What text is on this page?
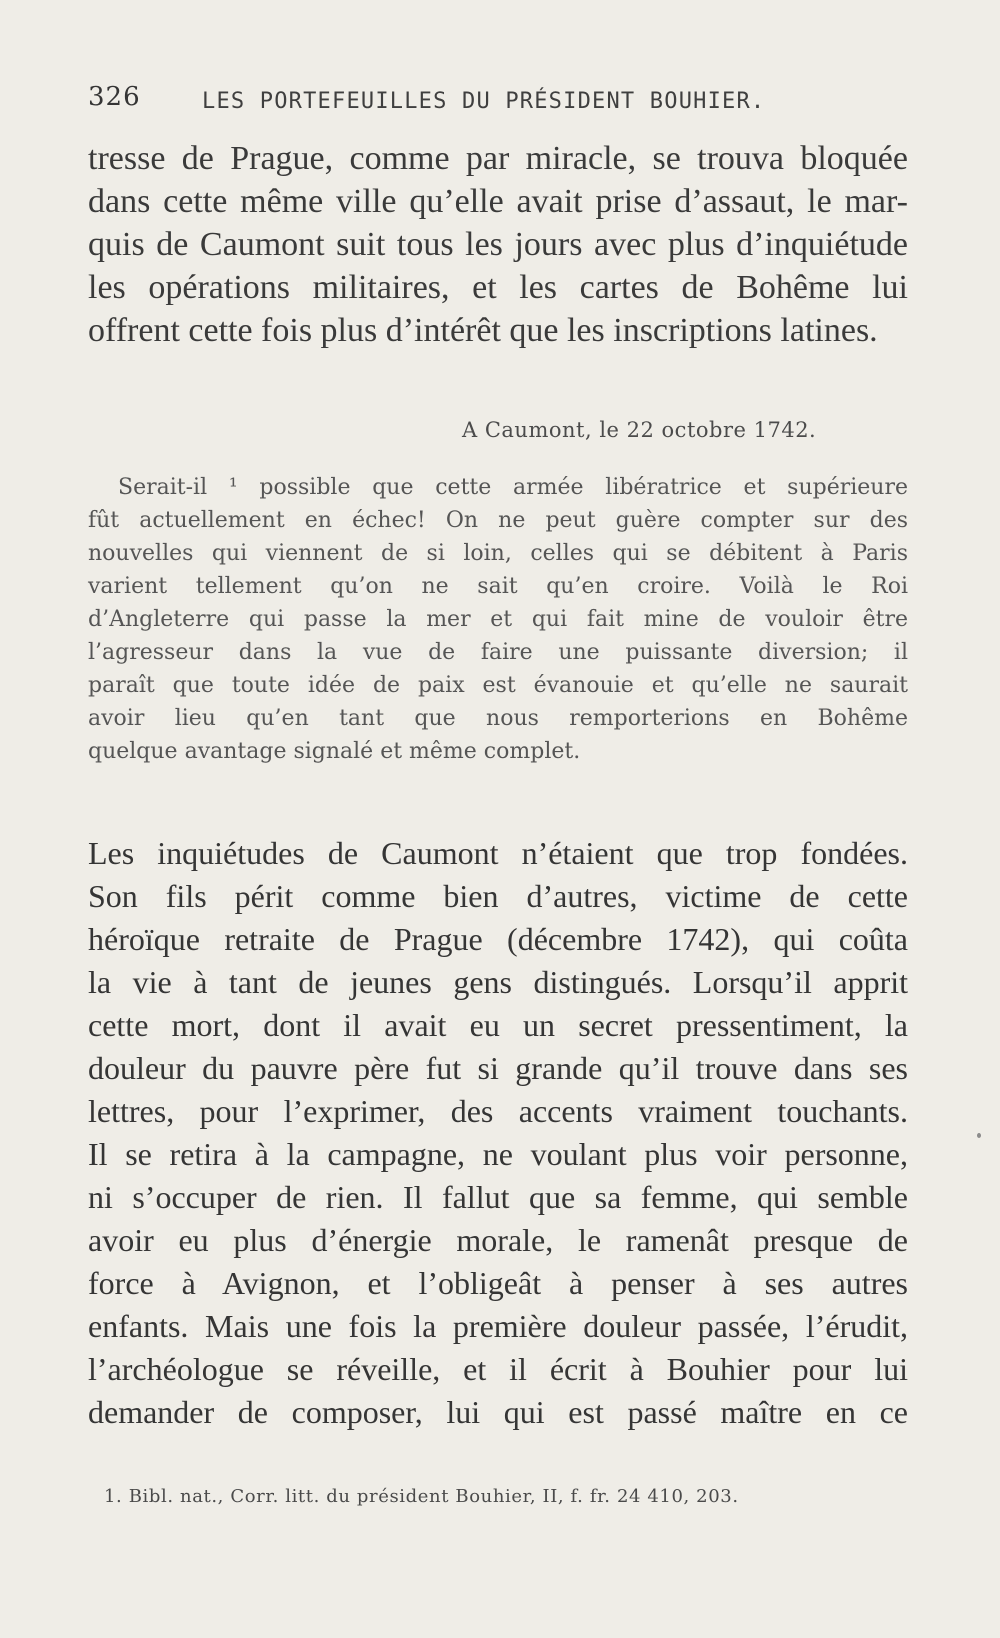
326	LES PORTEFEUILLES DU PRÉSIDENT BOUHIER.
tresse de Prague, comme par miracle, se trouva bloquée
dans cette même ville qu’elle avait prise d’assaut, le mar-
quis de Caumont suit tous les jours avec plus d’inquiétude
les opérations militaires, et les cartes de Bohême lui
offrent cette fois plus d’intérêt que les inscriptions latines.
A Caumont, le 22 octobre 1742.
Serait-il ¹ possible que cette armée libératrice et supérieure
fût actuellement en échec! On ne peut guère compter sur des
nouvelles qui viennent de si loin, celles qui se débitent à Paris
varient tellement qu’on ne sait qu’en croire. Voilà le Roi
d’Angleterre qui passe la mer et qui fait mine de vouloir être
l’agresseur dans la vue de faire une puissante diversion; il
paraît que toute idée de paix est évanouie et qu’elle ne saurait
avoir lieu qu’en tant que nous remporterions en Bohême
quelque avantage signalé et même complet.
Les inquiétudes de Caumont n’étaient que trop fondées.
Son fils périt comme bien d’autres, victime de cette
héroïque retraite de Prague (décembre 1742), qui coûta
la vie à tant de jeunes gens distingués. Lorsqu’il apprit
cette mort, dont il avait eu un secret pressentiment, la
douleur du pauvre père fut si grande qu’il trouve dans ses
lettres, pour l’exprimer, des accents vraiment touchants.
Il se retira à la campagne, ne voulant plus voir personne,
ni s’occuper de rien. Il fallut que sa femme, qui semble
avoir eu plus d’énergie morale, le ramenât presque de
force à Avignon, et l’obligeât à penser à ses autres
enfants. Mais une fois la première douleur passée, l’érudit,
l’archéologue se réveille, et il écrit à Bouhier pour lui
demander de composer, lui qui est passé maître en ce
1. Bibl. nat., Corr. litt. du président Bouhier, II, f. fr. 24 410, 203.
